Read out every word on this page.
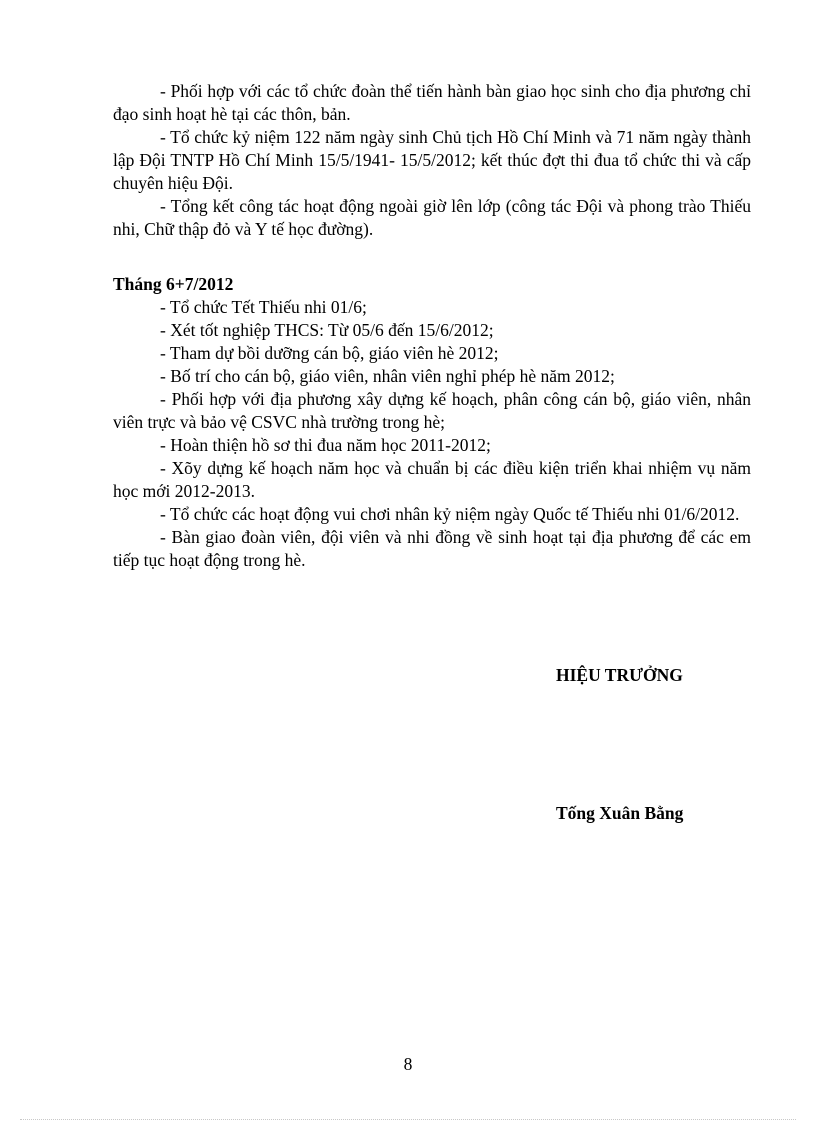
- Phối hợp với các tổ chức đoàn thể tiến hành bàn giao học sinh cho địa phương chỉ đạo sinh hoạt hè tại các thôn, bản.

- Tổ chức kỷ niệm 122 năm ngày sinh Chủ tịch Hồ Chí Minh và 71 năm ngày thành lập Đội TNTP Hồ Chí Minh 15/5/1941- 15/5/2012; kết thúc đợt thi đua tổ chức thi và cấp chuyên hiệu Đội.

- Tổng kết công tác hoạt động ngoài giờ lên lớp (công tác Đội và phong trào Thiếu nhi, Chữ thập đỏ và Y tế học đường).

Tháng 6+7/2012

- Tổ chức Tết Thiếu nhi 01/6;

- Xét tốt nghiệp THCS: Từ 05/6 đến 15/6/2012;

- Tham dự bồi dưỡng cán bộ, giáo viên hè 2012;

- Bố trí cho cán bộ, giáo viên, nhân viên nghỉ phép hè năm 2012;

- Phối hợp với địa phương xây dựng kế hoạch, phân công cán bộ, giáo viên, nhân viên trực và bảo vệ CSVC nhà trường trong hè;

- Hoàn thiện hồ sơ thi đua năm học 2011-2012;

- Xõy dựng kế hoạch năm học và chuẩn bị các điều kiện triển khai nhiệm vụ năm học mới 2012-2013.

- Tổ chức các hoạt động vui chơi nhân kỷ niệm ngày Quốc tế Thiếu nhi 01/6/2012.

- Bàn giao đoàn viên, đội viên và nhi đồng về sinh hoạt tại địa phương để các em tiếp tục hoạt động trong hè.

HIỆU TRƯỞNG
Tống Xuân Bằng
8
